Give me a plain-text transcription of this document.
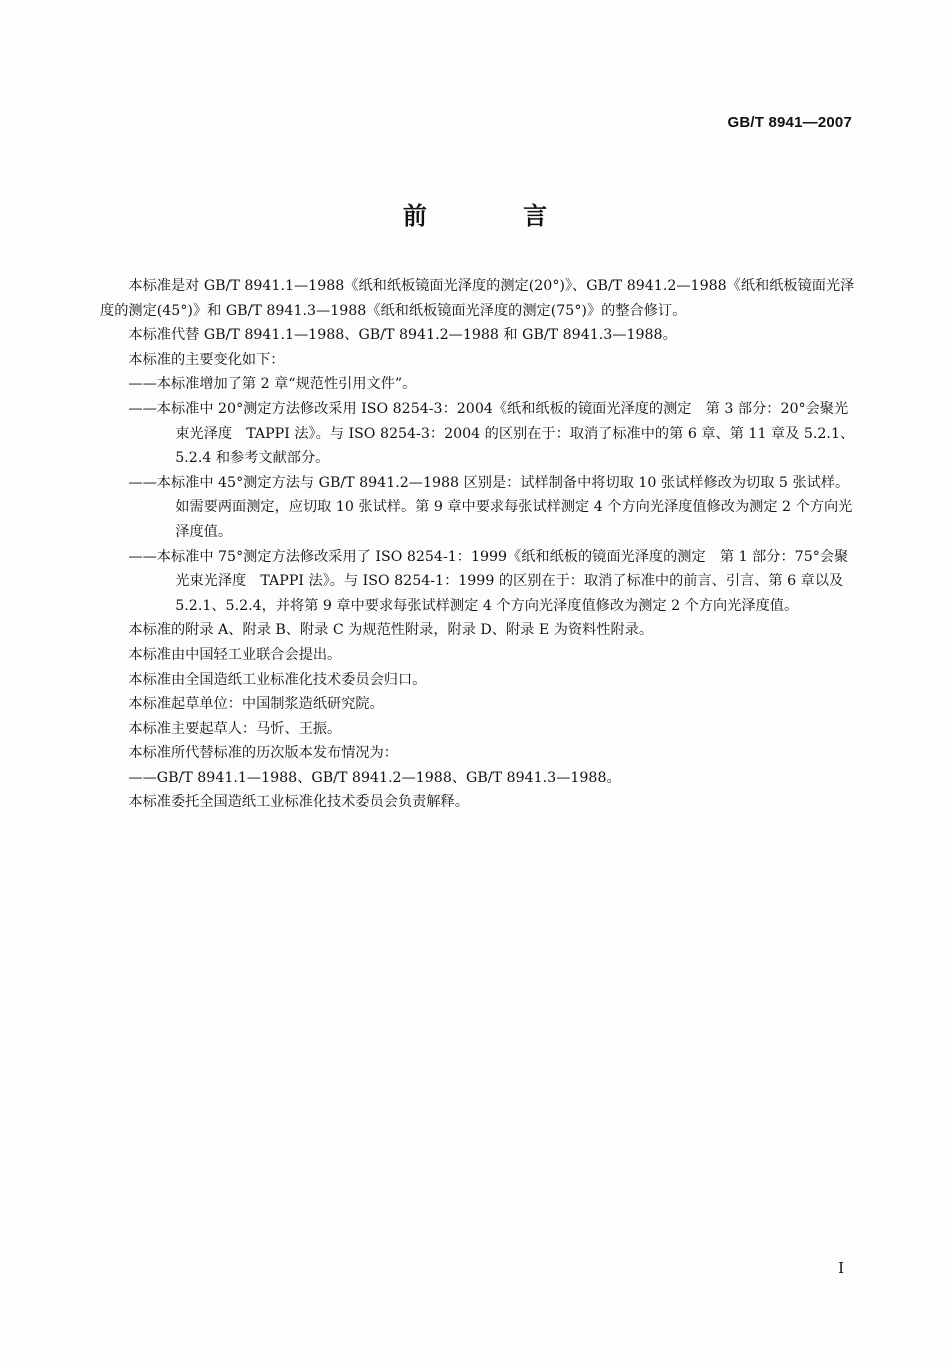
GB/T 8941—2007

前 言

本标准是对 GB/T 8941.1—1988《纸和纸板镜面光泽度的测定(20°)》、GB/T 8941.2—1988《纸和纸板镜面光泽度的测定(45°)》和 GB/T 8941.3—1988《纸和纸板镜面光泽度的测定(75°)》的整合修订。

本标准代替 GB/T 8941.1—1988、GB/T 8941.2—1988 和 GB/T 8941.3—1988。

本标准的主要变化如下：

——本标准增加了第 2 章“规范性引用文件”。

——本标准中 20°测定方法修改采用 ISO 8254-3：2004《纸和纸板的镜面光泽度的测定　第 3 部分：20°会聚光束光泽度　TAPPI 法》。与 ISO 8254-3：2004 的区别在于：取消了标准中的第 6 章、第 11 章及 5.2.1、5.2.4 和参考文献部分。

——本标准中 45°测定方法与 GB/T 8941.2—1988 区别是：试样制备中将切取 10 张试样修改为切取 5 张试样。如需要两面测定，应切取 10 张试样。第 9 章中要求每张试样测定 4 个方向光泽度值修改为测定 2 个方向光泽度值。

——本标准中 75°测定方法修改采用了 ISO 8254-1：1999《纸和纸板的镜面光泽度的测定　第 1 部分：75°会聚光束光泽度　TAPPI 法》。与 ISO 8254-1：1999 的区别在于：取消了标准中的前言、引言、第 6 章以及 5.2.1、5.2.4，并将第 9 章中要求每张试样测定 4 个方向光泽度值修改为测定 2 个方向光泽度值。

本标准的附录 A、附录 B、附录 C 为规范性附录，附录 D、附录 E 为资料性附录。

本标准由中国轻工业联合会提出。

本标准由全国造纸工业标准化技术委员会归口。

本标准起草单位：中国制浆造纸研究院。

本标准主要起草人：马忻、王振。

本标准所代替标准的历次版本发布情况为：

——GB/T 8941.1—1988、GB/T 8941.2—1988、GB/T 8941.3—1988。

本标准委托全国造纸工业标准化技术委员会负责解释。

I
